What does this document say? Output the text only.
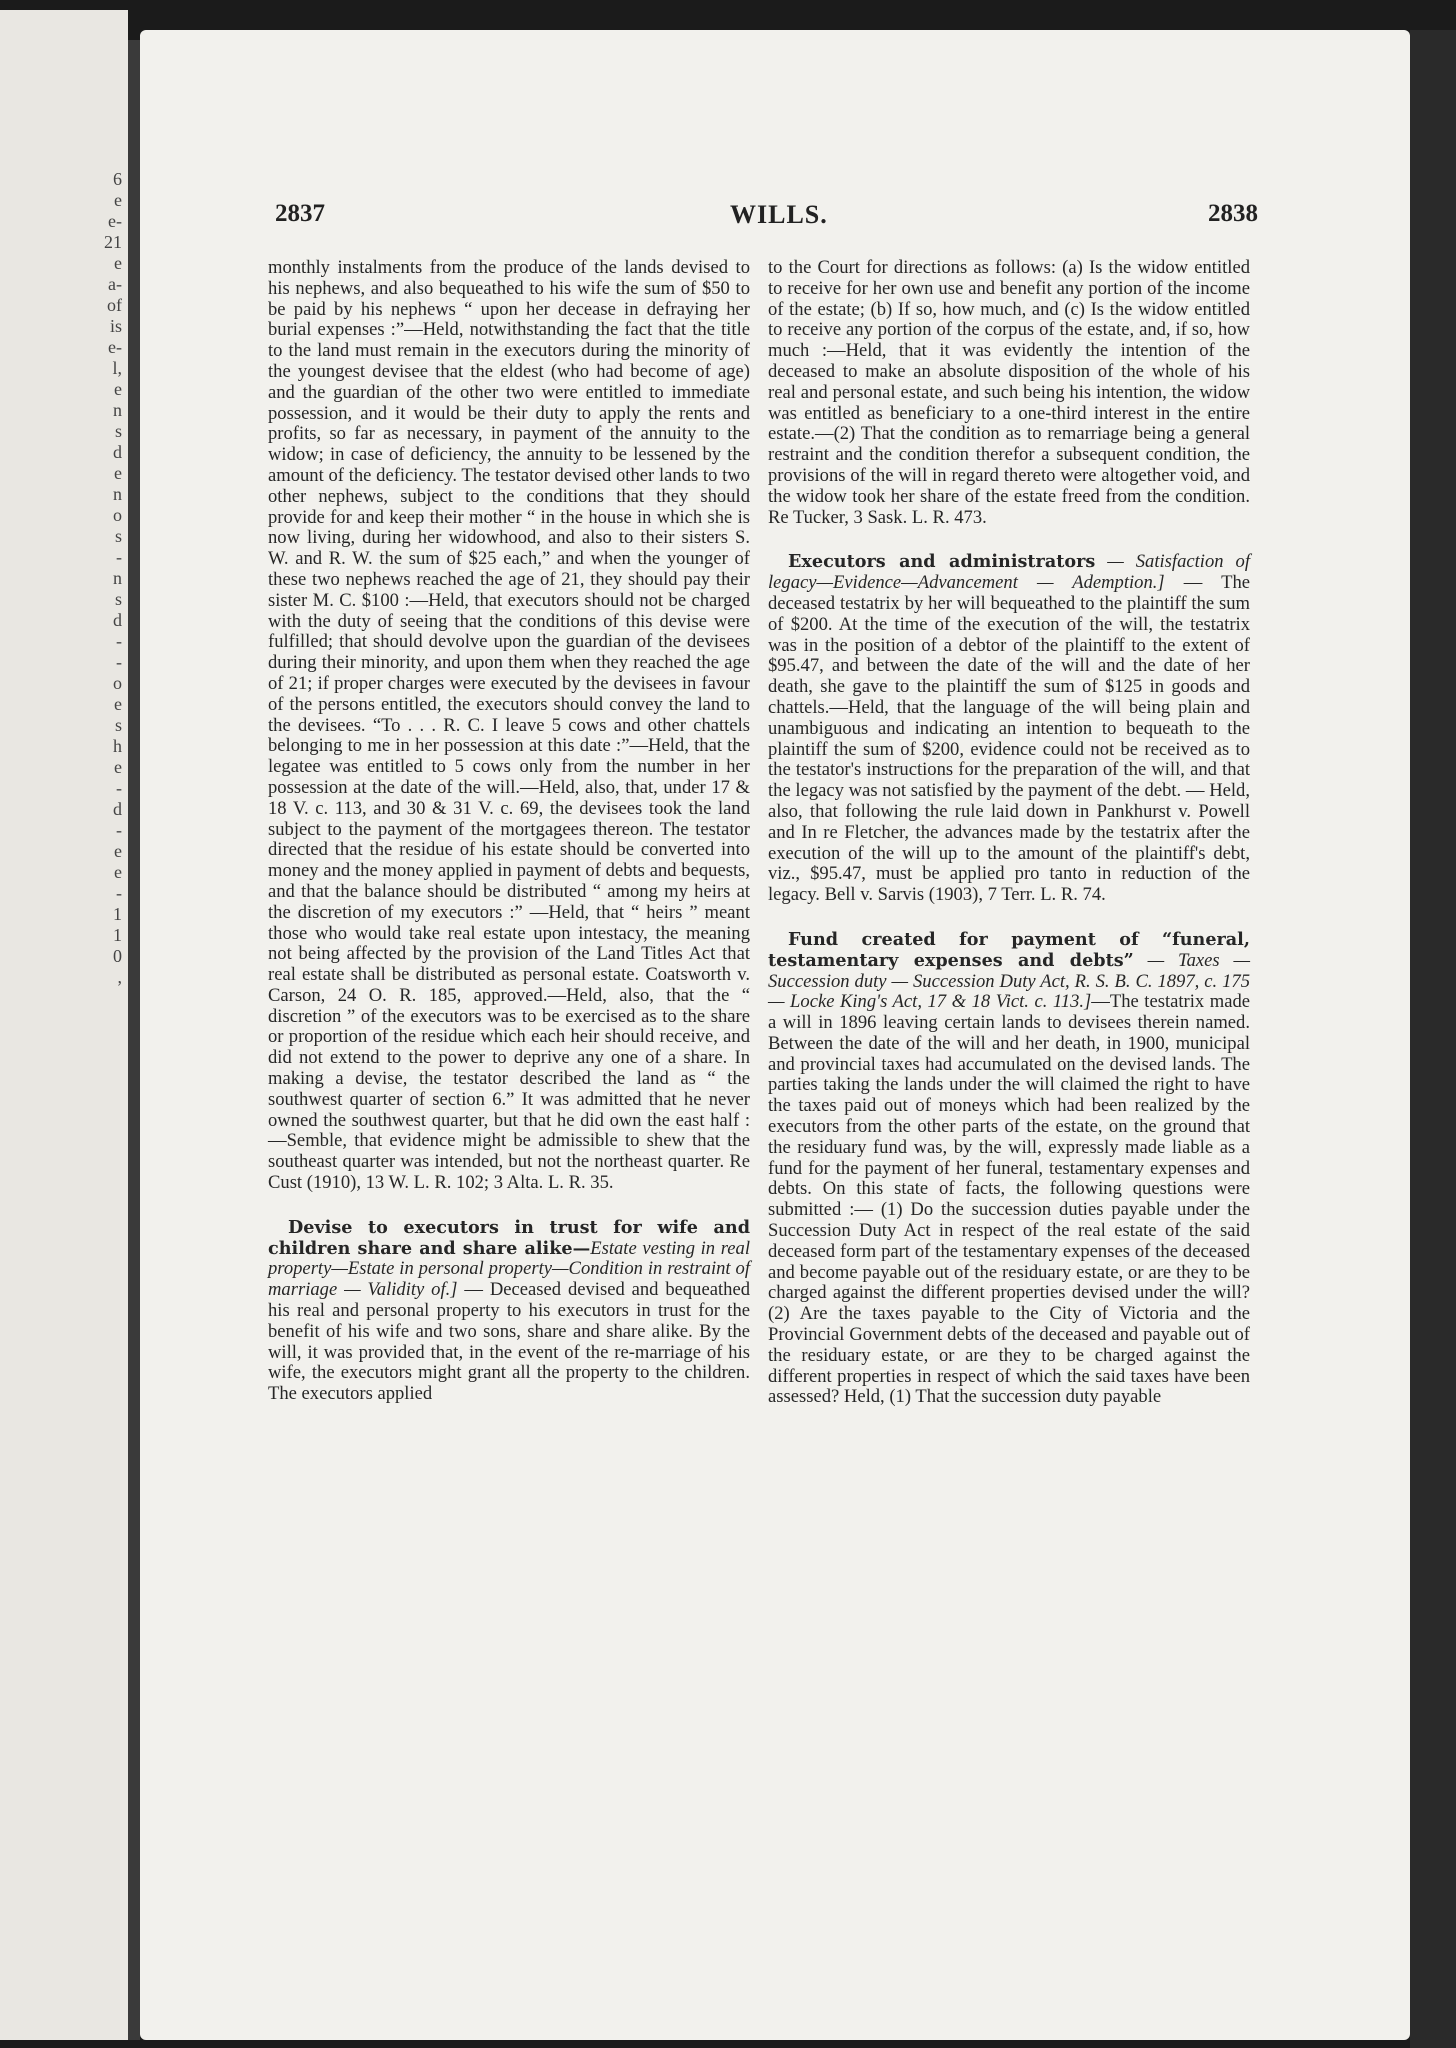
6
e
e-
21
e
a-
of
is
e-
l,
e
n
s
d
e
n
o
s
-
n
s
d
-
-
o
e
s
h
e
-
d
-
e
e
-
1
1
0
,
2837	WILLS.	2838

monthly instalments from the produce of the lands devised to his nephews, and also bequeathed to his wife the sum of $50 to be paid by his nephews “ upon her decease in defraying her burial expenses :”—Held, notwithstanding the fact that the title to the land must remain in the executors during the minority of the youngest devisee that the eldest (who had become of age) and the guardian of the other two were entitled to immediate possession, and it would be their duty to apply the rents and profits, so far as necessary, in payment of the annuity to the widow; in case of deficiency, the annuity to be lessened by the amount of the deficiency. The testator devised other lands to two other nephews, subject to the conditions that they should provide for and keep their mother “ in the house in which she is now living, during her widowhood, and also to their sisters S. W. and R. W. the sum of $25 each,” and when the younger of these two nephews reached the age of 21, they should pay their sister M. C. $100 :—Held, that executors should not be charged with the duty of seeing that the conditions of this devise were fulfilled; that should devolve upon the guardian of the devisees during their minority, and upon them when they reached the age of 21; if proper charges were executed by the devisees in favour of the persons entitled, the executors should convey the land to the devisees. “To . . . R. C. I leave 5 cows and other chattels belonging to me in her possession at this date :”—Held, that the legatee was entitled to 5 cows only from the number in her possession at the date of the will.—Held, also, that, under 17 & 18 V. c. 113, and 30 & 31 V. c. 69, the devisees took the land subject to the payment of the mortgagees thereon. The testator directed that the residue of his estate should be converted into money and the money applied in payment of debts and bequests, and that the balance should be distributed “ among my heirs at the discretion of my executors :” —Held, that “ heirs ” meant those who would take real estate upon intestacy, the meaning not being affected by the provision of the Land Titles Act that real estate shall be distributed as personal estate. Coatsworth v. Carson, 24 O. R. 185, approved.—Held, also, that the “ discretion ” of the executors was to be exercised as to the share or proportion of the residue which each heir should receive, and did not extend to the power to deprive any one of a share. In making a devise, the testator described the land as “ the southwest quarter of section 6.” It was admitted that he never owned the southwest quarter, but that he did own the east half :—Semble, that evidence might be admissible to shew that the southeast quarter was intended, but not the northeast quarter. Re Cust (1910), 13 W. L. R. 102; 3 Alta. L. R. 35.

Devise to executors in trust for wife and children share and share alike—Estate vesting in real property—Estate in personal property—Condition in restraint of marriage — Validity of.] — Deceased devised and bequeathed his real and personal property to his executors in trust for the benefit of his wife and two sons, share and share alike. By the will, it was provided that, in the event of the re-marriage of his wife, the executors might grant all the property to the children. The executors applied

to the Court for directions as follows: (a) Is the widow entitled to receive for her own use and benefit any portion of the income of the estate; (b) If so, how much, and (c) Is the widow entitled to receive any portion of the corpus of the estate, and, if so, how much :—Held, that it was evidently the intention of the deceased to make an absolute disposition of the whole of his real and personal estate, and such being his intention, the widow was entitled as beneficiary to a one-third interest in the entire estate.—(2) That the condition as to remarriage being a general restraint and the condition therefor a subsequent condition, the provisions of the will in regard thereto were altogether void, and the widow took her share of the estate freed from the condition. Re Tucker, 3 Sask. L. R. 473.

Executors and administrators — Satisfaction of legacy—Evidence—Advancement — Ademption.] — The deceased testatrix by her will bequeathed to the plaintiff the sum of $200. At the time of the execution of the will, the testatrix was in the position of a debtor of the plaintiff to the extent of $95.47, and between the date of the will and the date of her death, she gave to the plaintiff the sum of $125 in goods and chattels.—Held, that the language of the will being plain and unambiguous and indicating an intention to bequeath to the plaintiff the sum of $200, evidence could not be received as to the testator's instructions for the preparation of the will, and that the legacy was not satisfied by the payment of the debt. — Held, also, that following the rule laid down in Pankhurst v. Powell and In re Fletcher, the advances made by the testatrix after the execution of the will up to the amount of the plaintiff's debt, viz., $95.47, must be applied pro tanto in reduction of the legacy. Bell v. Sarvis (1903), 7 Terr. L. R. 74.

Fund created for payment of “funeral, testamentary expenses and debts” — Taxes — Succession duty — Succession Duty Act, R. S. B. C. 1897, c. 175 — Locke King's Act, 17 & 18 Vict. c. 113.]—The testatrix made a will in 1896 leaving certain lands to devisees therein named. Between the date of the will and her death, in 1900, municipal and provincial taxes had accumulated on the devised lands. The parties taking the lands under the will claimed the right to have the taxes paid out of moneys which had been realized by the executors from the other parts of the estate, on the ground that the residuary fund was, by the will, expressly made liable as a fund for the payment of her funeral, testamentary expenses and debts. On this state of facts, the following questions were submitted :— (1) Do the succession duties payable under the Succession Duty Act in respect of the real estate of the said deceased form part of the testamentary expenses of the deceased and become payable out of the residuary estate, or are they to be charged against the different properties devised under the will? (2) Are the taxes payable to the City of Victoria and the Provincial Government debts of the deceased and payable out of the residuary estate, or are they to be charged against the different properties in respect of which the said taxes have been assessed? Held, (1) That the succession duty payable
